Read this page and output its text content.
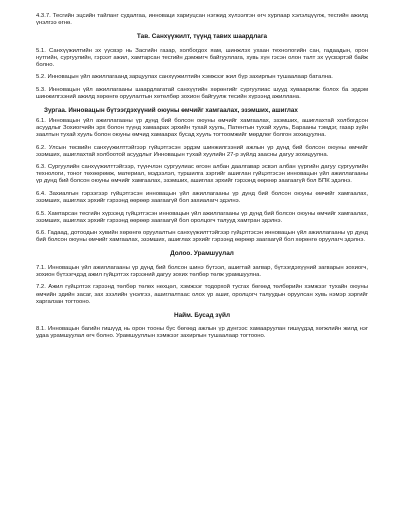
4.3.7. Тесгийн эцсийн тайланг судалгаа, инноваци хариуцсан нэгжид хүлээлгэн өгч хурлаар хэлэлцүүлж, тесгийн ажилд үнэлгээ өгнө.
Тав. Санхүүжилт, түүнд тавих шаардлага
5.1. Санхүүжилтийн эх үүсвэр нь Засгийн газар, холбогдох яам, шинжлэх ухаан технологийн сан, гадаадын, орон нутгийн, сургуулийн, гэрээт ажил, хамтарсан тесгийн дэмжигч байгууллага, хувь хүн гэсэн олон талт эх үүсвэртэй байж болно.
5.2. Инновацын үйл ажиллагаанд зарцуулах санхүүжилтийн хэмжээг жил бүр захирлын тушаалаар батална.
5.3. Инновацын үйл ажиллагааны шаардлагатай санхүүгийн хөрөнгийг сургуулиас шууд хуваарилж болох ба эрдэм шинжилгээний ажилд хөрөнгө оруулалтын хөтөлбөр зохион байгуулж тесийн хүрээнд ажиллана.
Зургаа. Инновацын бүтээгдэхүүний оюуны өмчийг хамгаалах, эзэмших, ашиглах
6.1. Инновацын үйл ажиллагааны үр дүнд бий болсон оюуны өмчийг хамгаалах, эзэмших, ашиглахтай холбогдсон асуудлыг Зохиогчийн эрх болон түүнд хамаарах эрхийн тухай хууль, Патентын тухай хууль, Барааны тэмдэг, газар зүйн заалтын тухай хууль болон оюуны өмчид хамаарах бусад хууль тогтоомжийг мөрдлөг болгон зохицуулна.
6.2. Улсын төсвийн санхүүжилттэйгээр гүйцэтгэсэн эрдэм шинжилгээний ажлын үр дүнд бий болсон оюуны өмчийг эзэмших, ашиглахтай холбоотой асуудлыг Инновацын тухай хуулийн 27-р зүйлд заасны дагуу зохицуулна.
6.3. Сургуулийн санхүүжилттэйгээр, түүнчлэн сургуулиас өгсөн албан даалгавар эсвэл албан үүргийн дагуу сургуулийн технологи, тоног төхөөрөмж, материал, мэдээлэл, туршилга зэргийг ашиглан гүйцэтгэсэн инновацын үйл ажиллагааны үр дүнд бий болсон оюуны өмчийг хамгаалах, эзэмших, ашиглах эрхийг гэрээнд өөрөөр заагаагүй бол БПК эдэлнэ.
6.4. Захиалгын гэрээгээр гүйцэтгэсэн инновацын үйл ажиллагааны үр дүнд бий болсон оюуны өмчийг хамгаалах, эзэмших, ашиглах эрхийг гэрээнд өөрөөр заагаагүй бол захиалагч эдэлнэ.
6.5. Хамтарсан тесгийн хүрээнд гүйцэтгэсэн инновацын үйл ажиллагааны үр дүнд бий болсон оюуны өмчийг хамгаалах, эзэмших, ашиглах эрхийг гэрээнд өөрөөр заагаагүй бол оролцогч талууд хамтран эдэлнэ.
6.6. Гадаад, дотоодын хувийн хөрөнгө оруулалтын санхүүжилттэйгээр гүйцэтгэсэн инновацын үйл ажиллагааны үр дүнд бий болсон оюуны өмчийг хамгаалах, эзэмших, ашиглах эрхийг гэрээнд өөрөөр заагаагүй бол хөрөнгө оруулагч эдэлнэ.
Долоо. Урамшуулал
7.1. Инновацын үйл ажиллагааны үр дүнд бий болсон шинэ бүтээл, ашигтай загвар, бүтээгдэхүүний загварын зохиогч, зохион бүтээгчдэд ажил гүйцэтгэх гэрээний дагуу зохих төлбөр төлж урамшуулна.
7.2. Ажил гүйцэтгэх гэрээнд төлбөр төлөх нөхцөл, хэмжээг тодорхой тусгах бөгөөд төлбөрийн хэмжээг тухайн оюуны өмчийн эдийн засаг, зах зээлийн үнэлгээ, ашиглалтаас олох үр ашиг, оролцогч талуудын оруулсан хувь нэмэр зэргийг харгалзан тогтооно.
Найм. Бусад зүйл
8.1. Инновацын багийн гишүүд нь орон тооны бус бөгөөд ажлын үр дүнгээс хамааруулан гишүүдэд хөгжлийн жилд нэг удаа урамшуулал өгч болно. Урамшууллын хэмжээг захирлын тушаалаар тогтооно.
